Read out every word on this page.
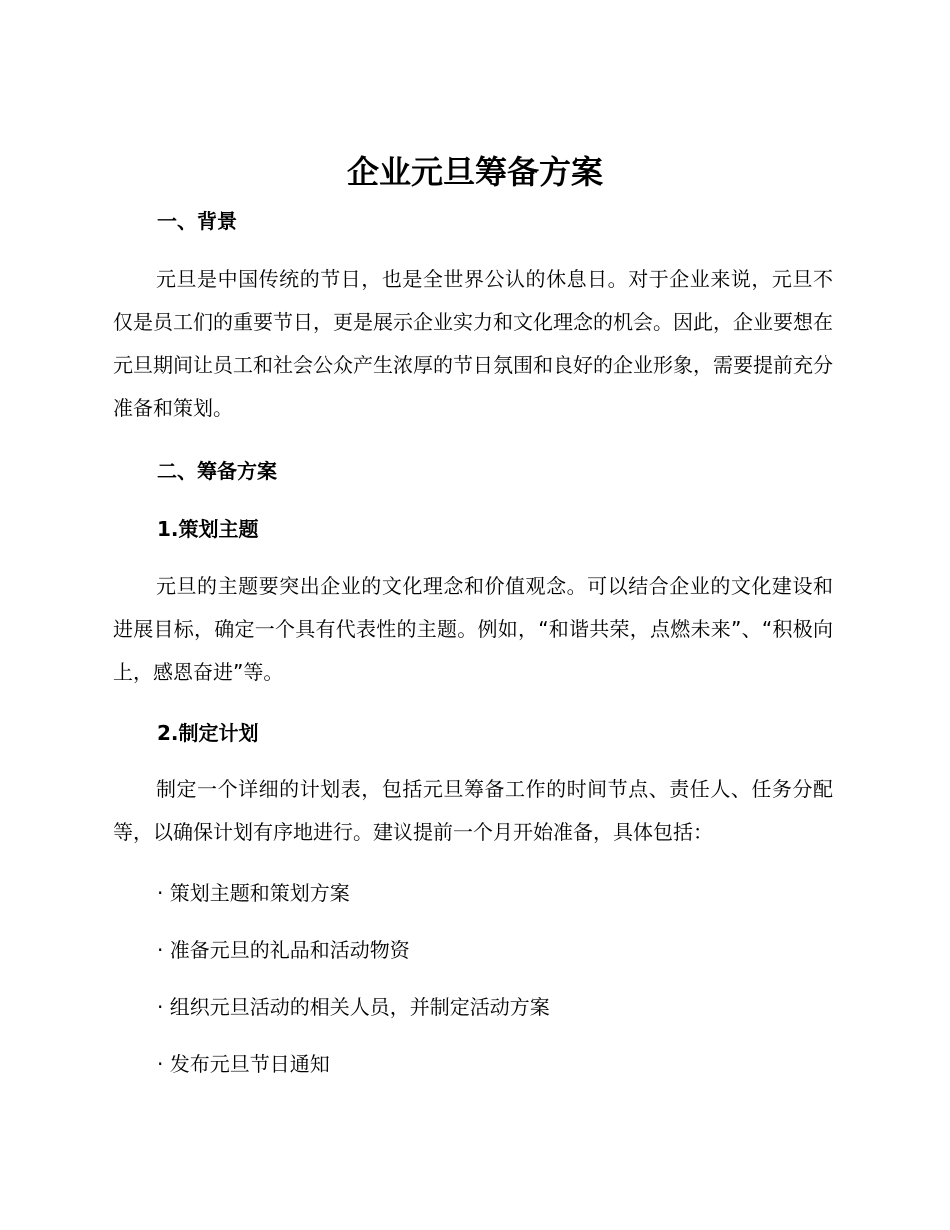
企业元旦筹备方案
一、背景

元旦是中国传统的节日，也是全世界公认的休息日。对于企业来说，元旦不仅是员工们的重要节日，更是展示企业实力和文化理念的机会。因此，企业要想在元旦期间让员工和社会公众产生浓厚的节日氛围和良好的企业形象，需要提前充分准备和策划。

二、筹备方案
1.策划主题

元旦的主题要突出企业的文化理念和价值观念。可以结合企业的文化建设和进展目标，确定一个具有代表性的主题。例如，“和谐共荣，点燃未来”、“积极向上，感恩奋进”等。

2.制定计划

制定一个详细的计划表，包括元旦筹备工作的时间节点、责任人、任务分配等，以确保计划有序地进行。建议提前一个月开始准备，具体包括：

· 策划主题和策划方案
· 准备元旦的礼品和活动物资
· 组织元旦活动的相关人员，并制定活动方案
· 发布元旦节日通知
